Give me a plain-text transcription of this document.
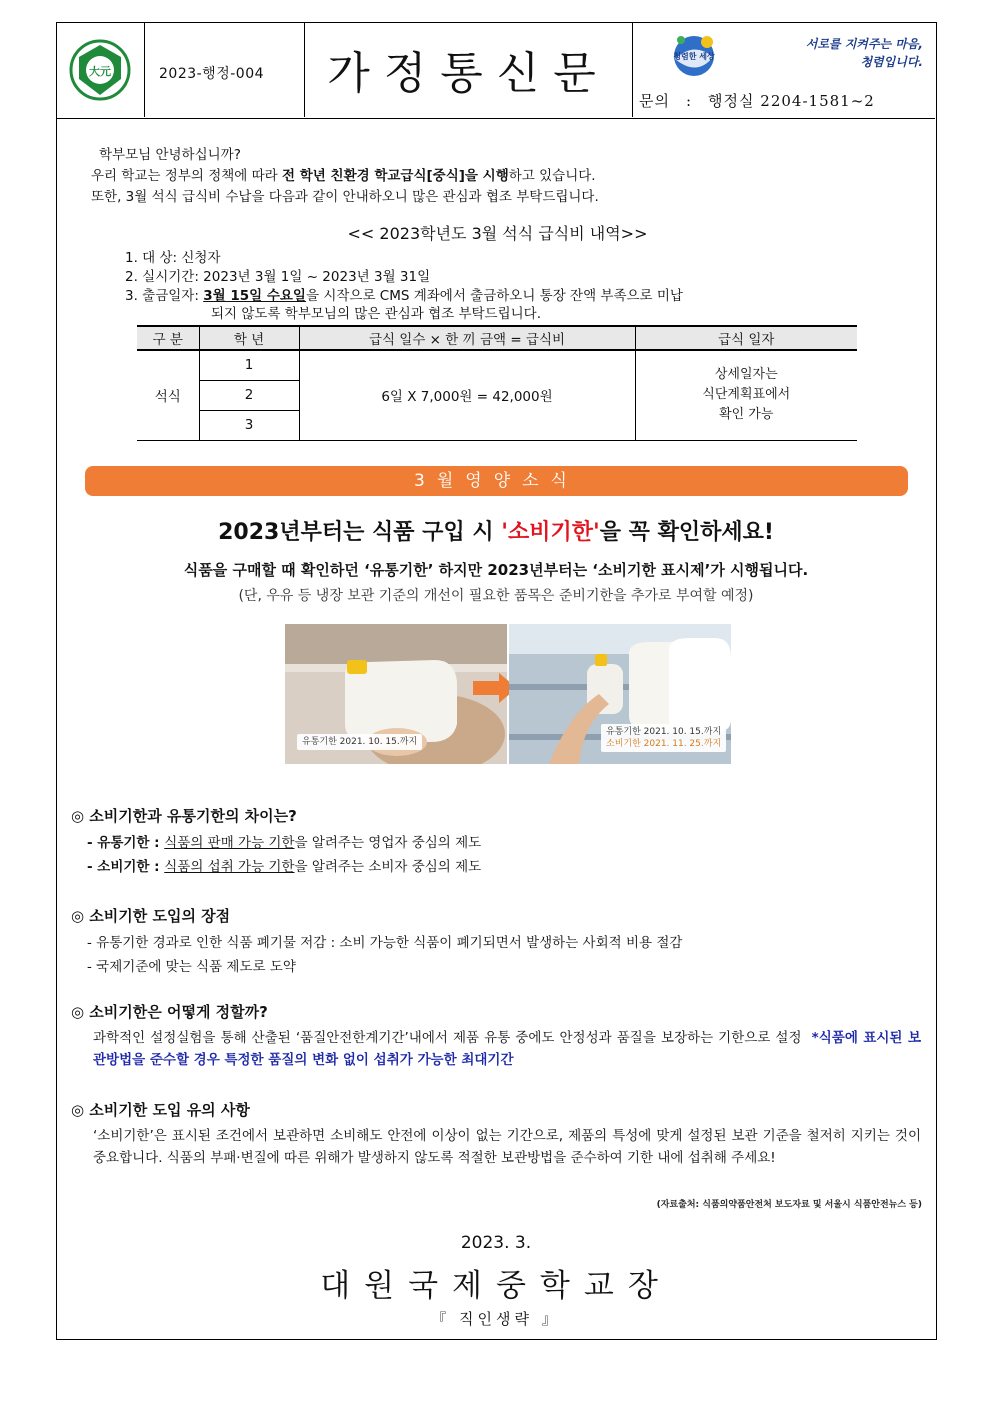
大元	2023-행정-004	가정통신문	청렴한 세상
서로를 지켜주는 마음,
청렴입니다.
문의 : 행정실 2204-1581~2
학부모님 안녕하십니까?
우리 학교는 정부의 정책에 따라 전 학년 친환경 학교급식[중식]을 시행하고 있습니다.
또한, 3월 석식 급식비 수납을 다음과 같이 안내하오니 많은 관심과 협조 부탁드립니다.
<< 2023학년도 3월 석식 급식비 내역>>
1. 대 상: 신청자
2. 실시기간: 2023년 3월 1일 ~ 2023년 3월 31일
3. 출금일자: 3월 15일 수요일을 시작으로 CMS 계좌에서 출금하오니 통장 잔액 부족으로 미납
되지 않도록 학부모님의 많은 관심과 협조 부탁드립니다.
구 분	학 년	급식 일수 × 한 끼 금액 = 급식비	급식 일자
석식	1	6일 X 7,000원 = 42,000원	상세일자는
식단계획표에서
확인 가능

	2		
	3		
3월영양소식
2023년부터는 식품 구입 시 '소비기한'을 꼭 확인하세요!
식품을 구매할 때 확인하던 ‘유통기한’ 하지만 2023년부터는 ‘소비기한 표시제’가 시행됩니다.
(단, 우유 등 냉장 보관 기준의 개선이 필요한 품목은 준비기한을 추가로 부여할 예정)
유통기한 2021. 10. 15.까지
유통기한 2021. 10. 15.까지
소비기한 2021. 11. 25.까지
◎ 소비기한과 유통기한의 차이는?
- 유통기한 : 식품의 판매 가능 기한을 알려주는 영업자 중심의 제도
- 소비기한 : 식품의 섭취 가능 기한을 알려주는 소비자 중심의 제도
◎ 소비기한 도입의 장점
- 유통기한 경과로 인한 식품 폐기물 저감 : 소비 가능한 식품이 폐기되면서 발생하는 사회적 비용 절감
- 국제기준에 맞는 식품 제도로 도약
◎ 소비기한은 어떻게 정할까?
과학적인 설정실험을 통해 산출된 ‘품질안전한계기간’내에서 제품 유통 중에도 안정성과 품질을 보장하는 기한으로 설정 *식품에 표시된 보관방법을 준수할 경우 특정한 품질의 변화 없이 섭취가 가능한 최대기간
◎ 소비기한 도입 유의 사항
‘소비기한’은 표시된 조건에서 보관하면 소비해도 안전에 이상이 없는 기간으로, 제품의 특성에 맞게 설정된 보관 기준을 철저히 지키는 것이 중요합니다. 식품의 부패·변질에 따른 위해가 발생하지 않도록 적절한 보관방법을 준수하여 기한 내에 섭취해 주세요!
(자료출처: 식품의약품안전처 보도자료 및 서울시 식품안전뉴스 등)
2023. 3.
대원국제중학교장
『 직인생략 』
